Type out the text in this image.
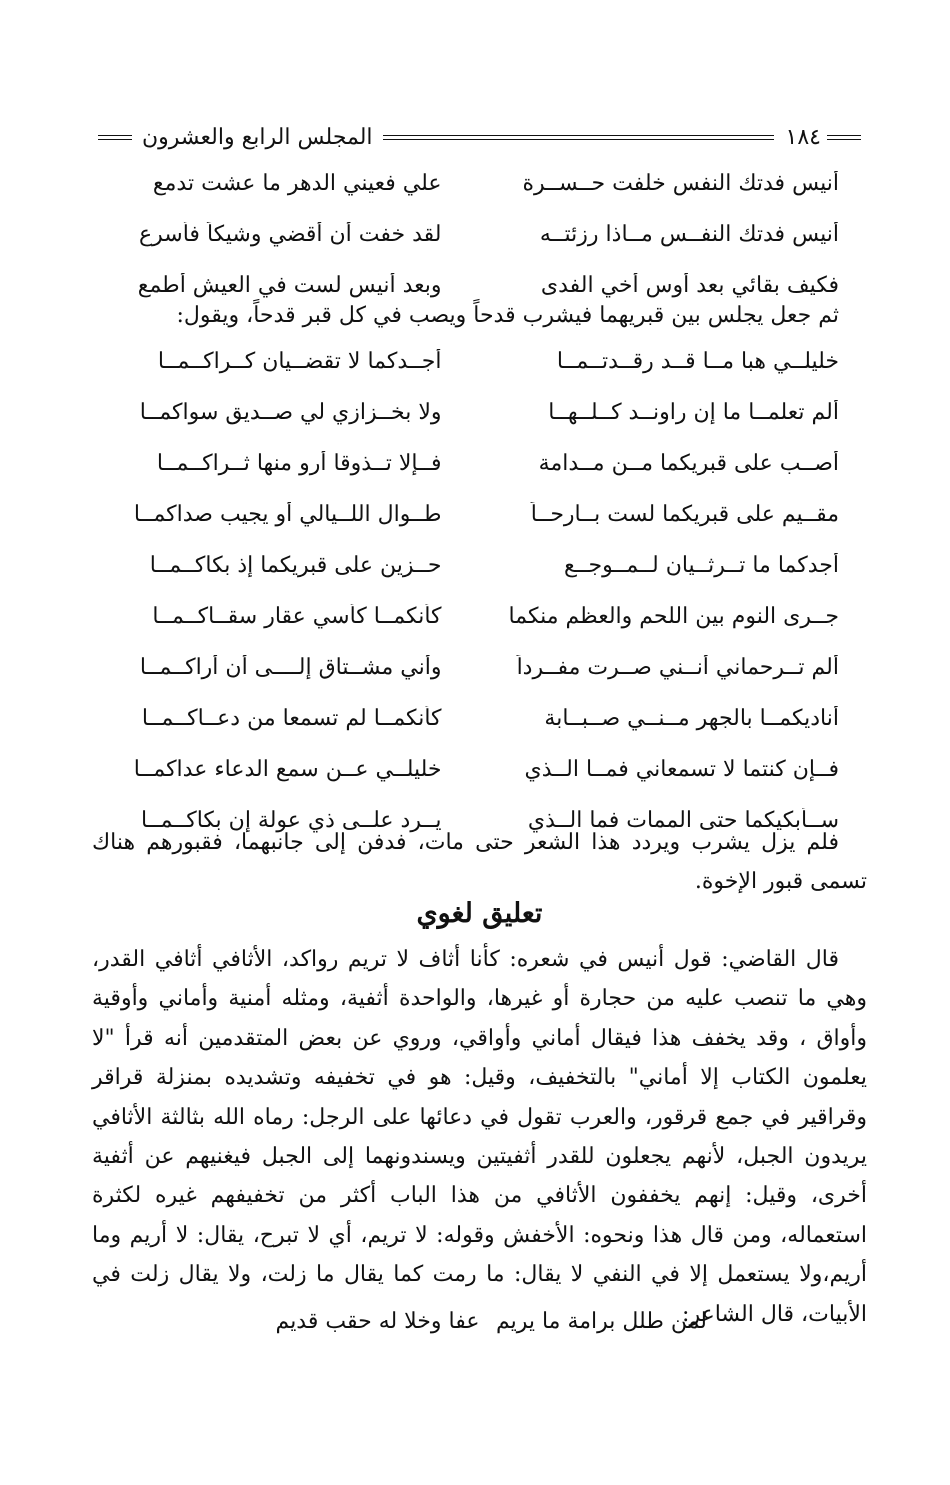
١٨٤
المجلس الرابع والعشرون
أنيس فدتك النفس خلفت حــســرة
علي فعيني الدهر ما عشت تدمع
أنيس فدتك النفــس مــاذا رزئتــه
لقد خفت أن أقضي وشيكاً فأسرع
فكيف بقائي بعد أوس أخي الفدى
وبعد أنيس لست في العيش أطمع
ثم جعل يجلس بين قبريهما فيشرب قدحاً ويصب في كل قبر قدحاً، ويقول:
خليلــي هبا مــا قــد رقــدتــمــا
أجــدكما لا تقضــيان كــراكــمــا
ألم تعلمــا ما إن راونــد كــلــهــا
ولا بخــزازي لي صــديق سواكمــا
أصــب على قبريكما مــن مــدامة
فــإلا تــذوقا أرو منها ثــراكــمــا
مقــيم على قبريكما لست بــارحــاً
طــوال اللــيالي أو يجيب صداكمــا
أجدكما ما تــرثــيان لــمــوجــع
حــزين على قبريكما إذ بكاكــمــا
جــرى النوم بين اللحم والعظم منكما
كأنكمــا كأسي عقار سقــاكــمــا
ألم تــرحماني أنــني صــرت مفــرداً
وأني مشــتاق إلــــى أن أراكــمــا
أناديكمــا بالجهر مــنــي صــبــابة
كأنكمــا لم تسمعا من دعــاكــمــا
فــإن كنتما لا تسمعاني فمــا الــذي
خليلــي عــن سمع الدعاء عداكمــا
ســأبكيكما حتى الممات فما الــذي
يــرد علــى ذي عولة إن بكاكــمــا

فلم يزل يشرب ويردد هذا الشعر حتى مات، فدفن إلى جانبهما، فقبورهم هناك تسمى قبور الإخوة.

تعليق لغوي

قال القاضي: قول أنيس في شعره: كأنا أثاف لا تريم رواكد، الأثافي أثافي القدر، وهي ما تنصب عليه من حجارة أو غيرها، والواحدة أثفية، ومثله أمنية وأماني وأوقية وأواق ، وقد يخفف هذا فيقال أماني وأواقي، وروي عن بعض المتقدمين أنه قرأ "لا يعلمون الكتاب إلا أماني" بالتخفيف، وقيل: هو في تخفيفه وتشديده بمنزلة قراقر وقراقير في جمع قرقور، والعرب تقول في دعائها على الرجل: رماه الله بثالثة الأثافي يريدون الجبل، لأنهم يجعلون للقدر أثفيتين ويسندونهما إلى الجبل فيغنيهم عن أثفية أخرى، وقيل: إنهم يخففون الأثافي من هذا الباب أكثر من تخفيفهم غيره لكثرة استعماله، ومن قال هذا ونحوه: الأخفش وقوله: لا تريم، أي لا تبرح، يقال: لا أريم وما أريم،ولا يستعمل إلا في النفي لا يقال: ما رمت كما يقال ما زلت، ولا يقال زلت في الأبيات، قال الشاعر:

لمن طلل برامة ما يريم
عفا وخلا له حقب قديم
